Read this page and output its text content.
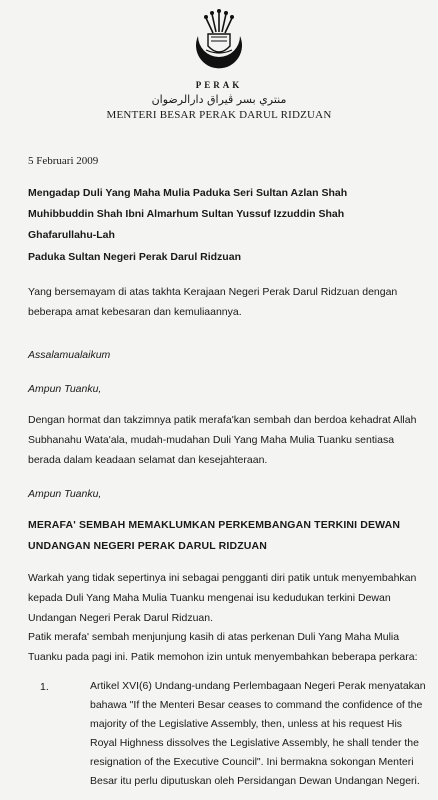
PERAK
منتري بسر ڤيراق دارالرضوان
MENTERI BESAR PERAK DARUL RIDZUAN
5 Februari 2009
Mengadap Duli Yang Maha Mulia Paduka Seri Sultan Azlan Shah
Muhibbuddin Shah Ibni Almarhum Sultan Yussuf Izzuddin Shah
Ghafarullahu-Lah
Paduka Sultan Negeri Perak Darul Ridzuan
Yang bersemayam di atas takhta Kerajaan Negeri Perak Darul Ridzuan dengan beberapa amat kebesaran dan kemuliaannya.
Assalamualaikum
Ampun Tuanku,
Dengan hormat dan takzimnya patik merafa'kan sembah dan berdoa kehadrat Allah Subhanahu Wata'ala, mudah-mudahan Duli Yang Maha Mulia Tuanku sentiasa berada dalam keadaan selamat dan kesejahteraan.
Ampun Tuanku,
MERAFA' SEMBAH MEMAKLUMKAN PERKEMBANGAN TERKINI DEWAN UNDANGAN NEGERI PERAK DARUL RIDZUAN
Warkah yang tidak sepertinya ini sebagai pengganti diri patik untuk menyembahkan kepada Duli Yang Maha Mulia Tuanku mengenai isu kedudukan terkini Dewan Undangan Negeri Perak Darul Ridzuan.
Patik merafa' sembah menjunjung kasih di atas perkenan Duli Yang Maha Mulia Tuanku pada pagi ini. Patik memohon izin untuk menyembahkan beberapa perkara:
1.	Artikel XVI(6) Undang-undang Perlembagaan Negeri Perak menyatakan bahawa "If the Menteri Besar ceases to command the confidence of the majority of the Legislative Assembly, then, unless at his request His Royal Highness dissolves the Legislative Assembly, he shall tender the resignation of the Executive Council". Ini bermakna sokongan Menteri Besar itu perlu diputuskan oleh Persidangan Dewan Undangan Negeri.
